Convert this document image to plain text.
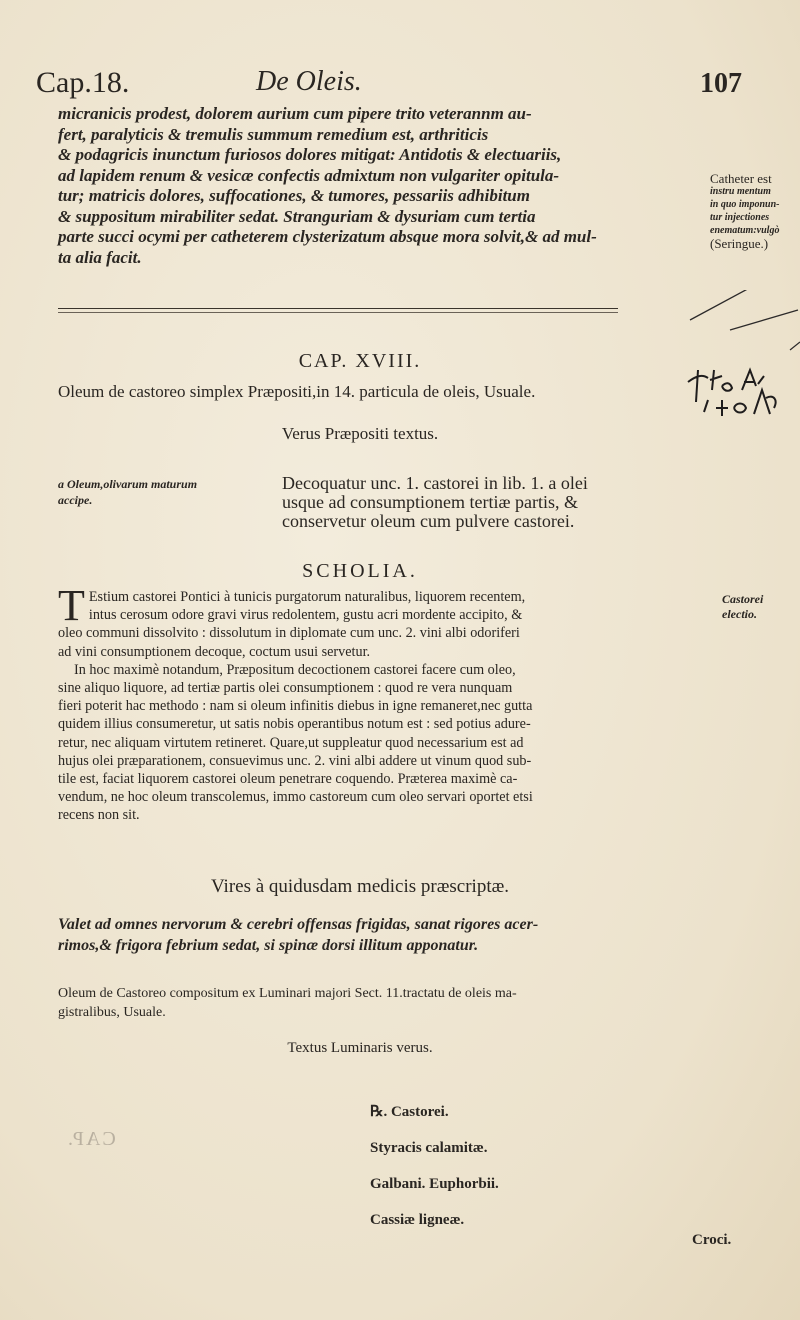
Cap.18.	De Oleis.	107
micranicis prodest, dolorem aurium cum pipere trito veterannm au-
fert, paralyticis & tremulis summum remedium est, arthriticis
& podagricis inunctum furiosos dolores mitigat: Antidotis & electuariis,
ad lapidem renum & vesicæ confectis admixtum non vulgariter opitula-
tur; matricis dolores, suffocationes, & tumores, pessariis adhibitum
& suppositum mirabiliter sedat. Stranguriam & dysuriam cum tertia
parte succi ocymi per catheterem clysterizatum absque mora solvit,& ad mul-
ta alia facit.
Catheter est
instru mentum
in quo imponun-
tur injectiones
enematum:vulgò
(Seringue.)
CAP. XVIII.
Oleum de castoreo simplex Præpositi,in 14. particula de oleis, Usuale.
Verus Præpositi textus.
a Oleum,olivarum maturum
accipe.
Decoquatur unc. 1. castorei in lib. 1. a olei
usque ad consumptionem tertiæ partis, &
conservetur oleum cum pulvere castorei.
SCHOLIA.
Castorei electio.
T Estium castorei Pontici à tunicis purgatorum naturalibus, liquorem recentem,
intus cerosum odore gravi virus redolentem, gustu acri mordente accipito, &
oleo communi dissolvito : dissolutum in diplomate cum unc. 2. vini albi odoriferi
ad vini consumptionem decoque, coctum usui servetur.
In hoc maximè notandum, Præpositum decoctionem castorei facere cum oleo,
sine aliquo liquore, ad tertiæ partis olei consumptionem : quod re vera nunquam
fieri poterit hac methodo : nam si oleum infinitis diebus in igne remaneret,nec gutta
quidem illius consumeretur, ut satis nobis operantibus notum est : sed potius adure-
retur, nec aliquam virtutem retineret. Quare,ut suppleatur quod necessarium est ad
hujus olei præparationem, consuevimus unc. 2. vini albi addere ut vinum quod sub-
tile est, faciat liquorem castorei oleum penetrare coquendo. Præterea maximè ca-
vendum, ne hoc oleum transcolemus, immo castoreum cum oleo servari oportet etsi
recens non sit.
Vires à quidusdam medicis præscriptæ.
Valet ad omnes nervorum & cerebri offensas frigidas, sanat rigores acer-
rimos,& frigora febrium sedat, si spinæ dorsi illitum apponatur.
Oleum de Castoreo compositum ex Luminari majori Sect. 11.tractatu de oleis ma-
gistralibus, Usuale.
Textus Luminaris verus.
℞. Castorei.
Styracis calamitæ.
Galbani. Euphorbii.
Cassiæ ligneæ.
Croci.
CAP.
